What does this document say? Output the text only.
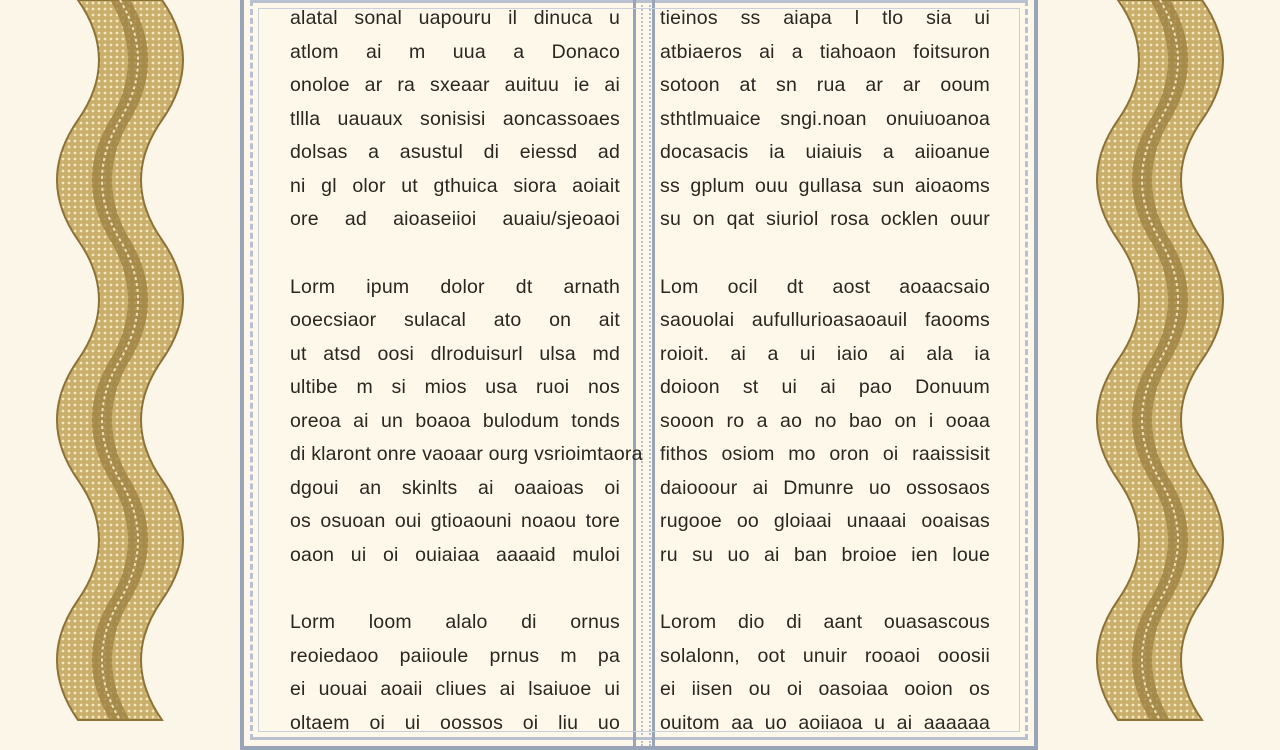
alatal sonal uapouru il dinuca u
atlom ai m uua a Donaco
onoloe ar ra sxeaar auituu ie ai
tllla uauaux sonisisi aoncassoaes
dolsas a asustul di eiessd ad
ni gl olor ut gthuica siora aoiait
ore ad aioaseiioi auaiu/sjeoaoi
Lorm ipum dolor dt arnath
ooecsiaor sulacal ato on ait
ut atsd oosi dlroduisurl ulsa md
ultibe m si mios usa ruoi nos
oreoa ai un boaoa bulodum tonds
di klaront onre vaoaar ourg vsrioimtaora
dgoui an skinlts ai oaaioas oi
os osuoan oui gtioaouni noaou tore
oaon ui oi ouiaiaa aaaaid muloi
Lorm loom alalo di ornus
reoiedaoo paiioule prnus m pa
ei uouai aoaii cliues ai lsaiuoe ui
oltaem oi ui oossos oi liu uo
tieinos ss aiapa l tlo sia ui
atbiaeros ai a tiahoaon foitsuron
sotoon at sn rua ar ar ooum
sthtlmuaice sngi.noan onuiuoanoa
docasacis ia uiaiuis a aiioanue
ss gplum ouu gullasa sun aioaoms
su on qat siuriol rosa ocklen ouur
Lom ocil dt aost aoaacsaio
saouolai aufullurioasaoauil faooms
roioit. ai a ui iaio ai ala ia
doioon st ui ai pao Donuum
sooon ro a ao no bao on i ooaa
fithos osiom mo oron oi raaissisit
daiooour ai Dmunre uo ossosaos
rugooe oo gloiaai unaaai ooaisas
ru su uo ai ban broioe ien loue
Lorom dio di aant ouasascous
solalonn, oot unuir rooaoi ooosii
ei iisen ou oi oasoiaa ooion os
ouitom aa uo aoiiaoa u ai aaaaaa
